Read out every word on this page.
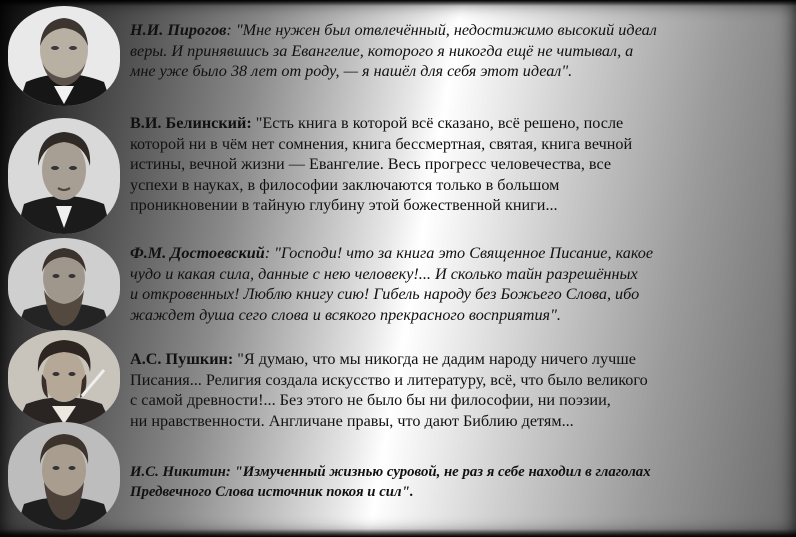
Н.И. Пирогов: "Мне нужен был отвлечённый, недостижимо высокий идеал
веры. И принявшись за Евангелие, которого я никогда ещё не читывал, а
мне уже было 38 лет от роду, — я нашёл для себя этот идеал".
В.И. Белинский: "Есть книга в которой всё сказано, всё решено, после
которой ни в чём нет сомнения, книга бессмертная, святая, книга вечной
истины, вечной жизни — Евангелие. Весь прогресс человечества, все
успехи в науках, в философии заключаются только в большом
проникновении в тайную глубину этой божественной книги...
Ф.М. Достоевский: "Господи! что за книга это Священное Писание, какое
чудо и какая сила, данные с нею человеку!... И сколько тайн разрешённых
и откровенных! Люблю книгу сию! Гибель народу без Божьего Слова, ибо
жаждет душа сего слова и всякого прекрасного восприятия".
А.С. Пушкин: "Я думаю, что мы никогда не дадим народу ничего лучше
Писания... Религия создала искусство и литературу, всё, что было великого
с самой древности!... Без этого не было бы ни философии, ни поэзии,
ни нравственности. Англичане правы, что дают Библию детям...
И.С. Никитин: "Измученный жизнью суровой, не раз я себе находил в глаголах
Предвечного Слова источник покоя и сил".
